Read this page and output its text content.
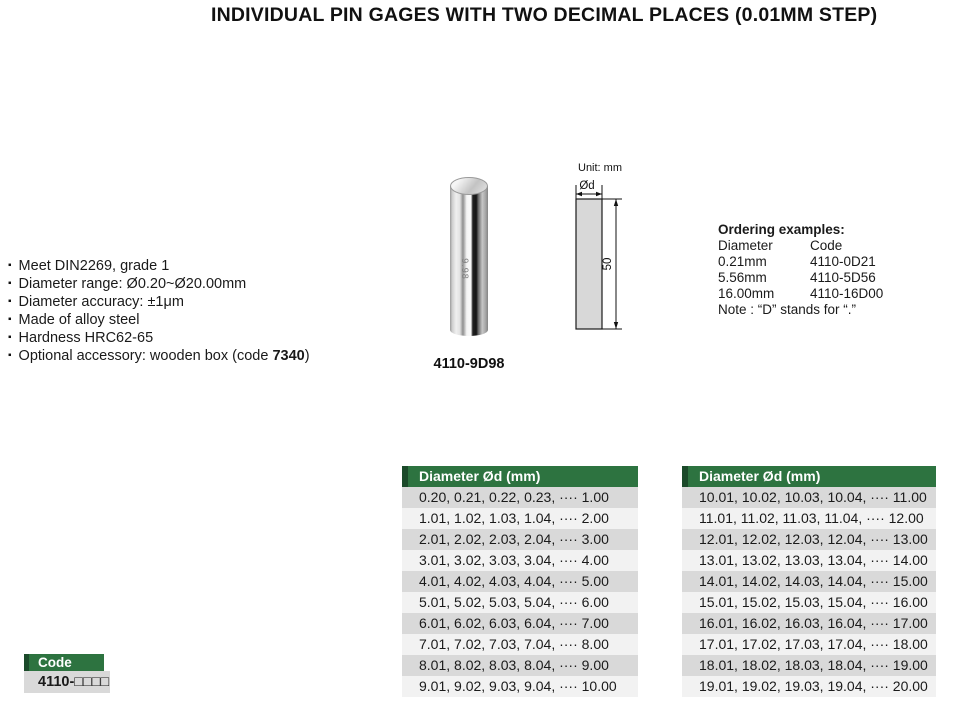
INDIVIDUAL PIN GAGES WITH TWO DECIMAL PLACES (0.01MM STEP)
▪ Meet DIN2269, grade 1
▪ Diameter range: Ø0.20~Ø20.00mm
▪ Diameter accuracy: ±1μm
▪ Made of alloy steel
▪ Hardness HRC62-65
▪ Optional accessory: wooden box (code 7340)
9.98
4110-9D98
Unit: mm
Ød
50
Ordering examples:
Diameter	Code
0.21mm	4110-0D21
5.56mm	4110-5D56
16.00mm	4110-16D00
Note : “D” stands for “.”
Diameter Ød (mm)
0.20, 0.21, 0.22, 0.23, ···· 1.00
1.01, 1.02, 1.03, 1.04, ···· 2.00
2.01, 2.02, 2.03, 2.04, ···· 3.00
3.01, 3.02, 3.03, 3.04, ···· 4.00
4.01, 4.02, 4.03, 4.04, ···· 5.00
5.01, 5.02, 5.03, 5.04, ···· 6.00
6.01, 6.02, 6.03, 6.04, ···· 7.00
7.01, 7.02, 7.03, 7.04, ···· 8.00
8.01, 8.02, 8.03, 8.04, ···· 9.00
9.01, 9.02, 9.03, 9.04, ···· 10.00
Diameter Ød (mm)
10.01, 10.02, 10.03, 10.04, ···· 11.00
11.01, 11.02, 11.03, 11.04, ···· 12.00
12.01, 12.02, 12.03, 12.04, ···· 13.00
13.01, 13.02, 13.03, 13.04, ···· 14.00
14.01, 14.02, 14.03, 14.04, ···· 15.00
15.01, 15.02, 15.03, 15.04, ···· 16.00
16.01, 16.02, 16.03, 16.04, ···· 17.00
17.01, 17.02, 17.03, 17.04, ···· 18.00
18.01, 18.02, 18.03, 18.04, ···· 19.00
19.01, 19.02, 19.03, 19.04, ···· 20.00
Code
4110-□□□□
